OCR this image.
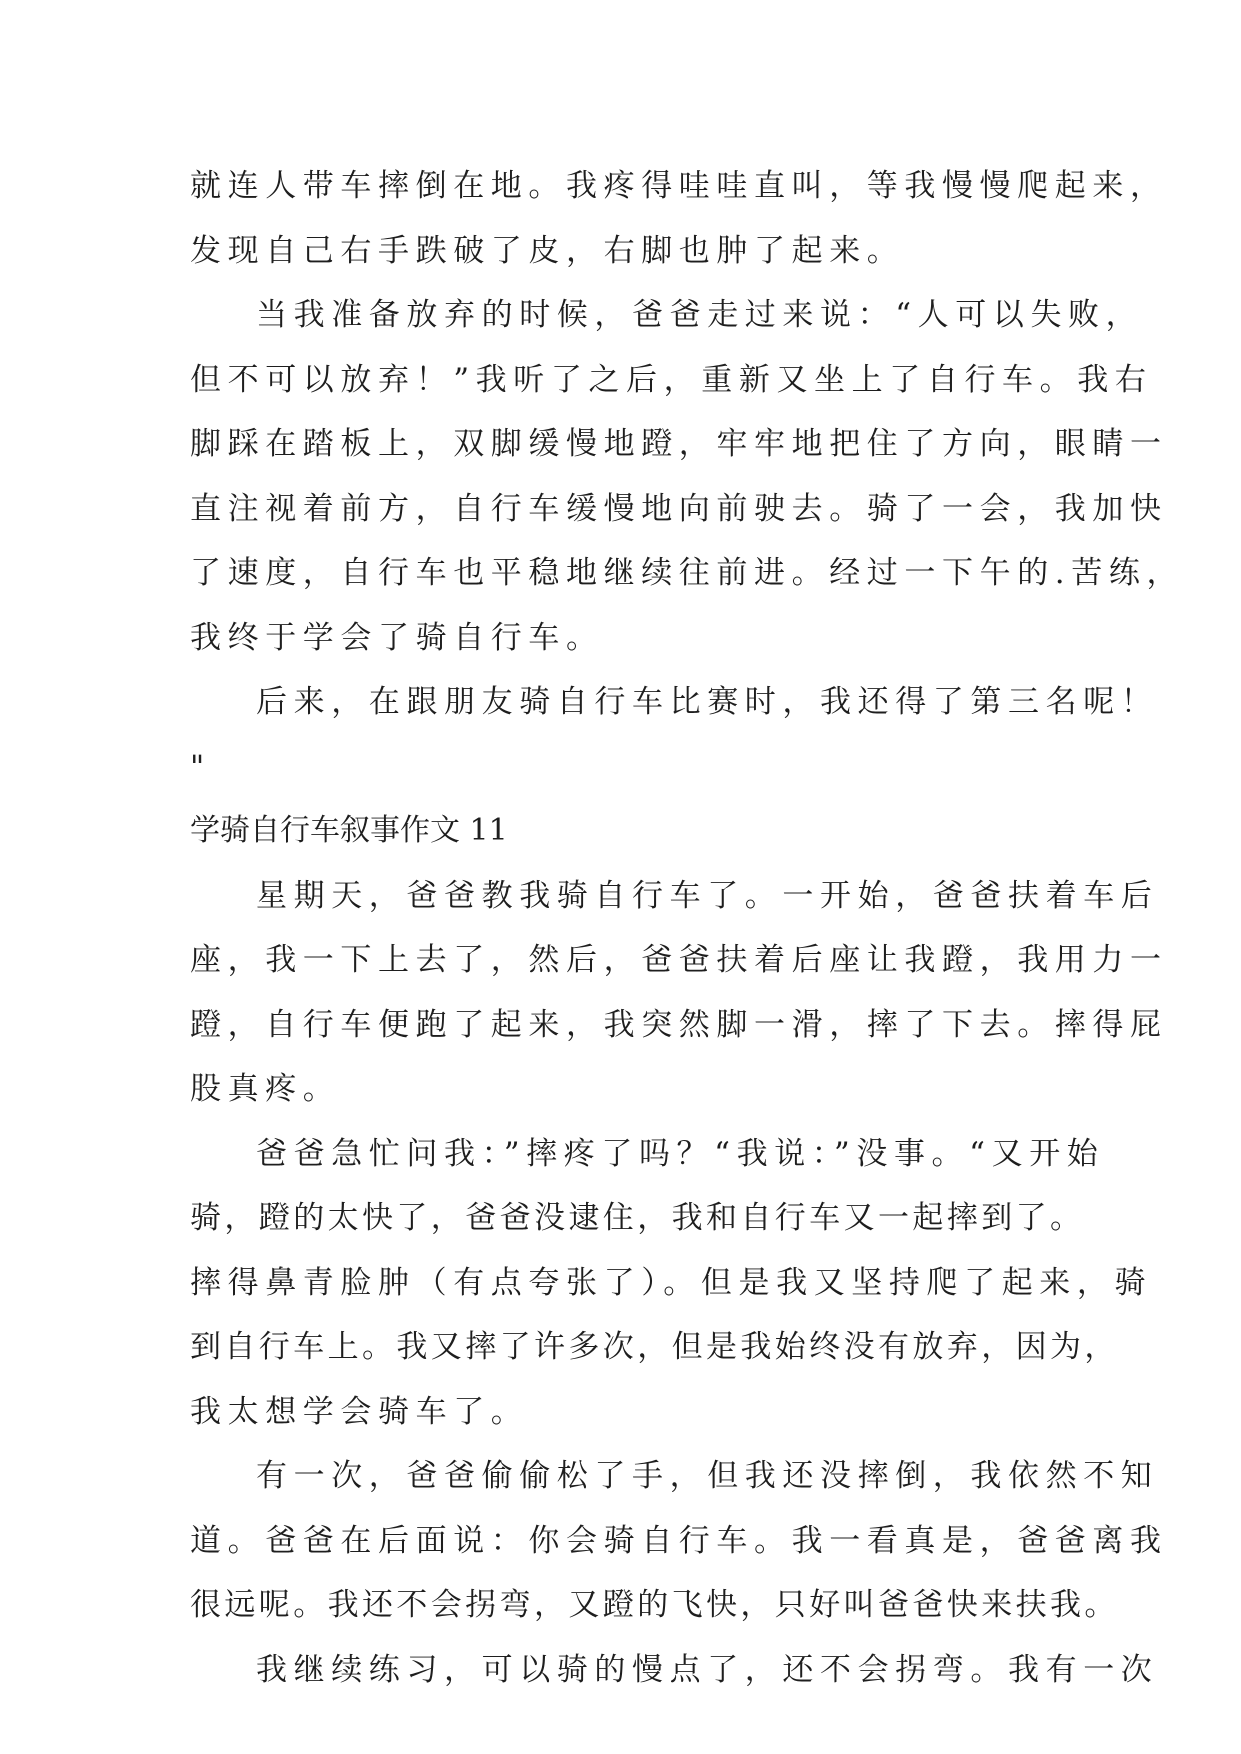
就连人带车摔倒在地。我疼得哇哇直叫，等我慢慢爬起来，
发现自己右手跌破了皮，右脚也肿了起来。
当我准备放弃的时候，爸爸走过来说：“人可以失败，
但不可以放弃！”我听了之后，重新又坐上了自行车。我右
脚踩在踏板上，双脚缓慢地蹬，牢牢地把住了方向，眼睛一
直注视着前方，自行车缓慢地向前驶去。骑了一会，我加快
了速度，自行车也平稳地继续往前进。经过一下午的.苦练，
我终于学会了骑自行车。
后来，在跟朋友骑自行车比赛时，我还得了第三名呢！
"
学骑自行车叙事作文 11
星期天，爸爸教我骑自行车了。一开始，爸爸扶着车后
座，我一下上去了，然后，爸爸扶着后座让我蹬，我用力一
蹬，自行车便跑了起来，我突然脚一滑，摔了下去。摔得屁
股真疼。
爸爸急忙问我：”摔疼了吗？“我说：”没事。“又开始
骑，蹬的太快了，爸爸没逮住，我和自行车又一起摔到了。
摔得鼻青脸肿（有点夸张了）。但是我又坚持爬了起来，骑
到自行车上。我又摔了许多次，但是我始终没有放弃，因为，
我太想学会骑车了。
有一次，爸爸偷偷松了手，但我还没摔倒，我依然不知
道。爸爸在后面说：你会骑自行车。我一看真是，爸爸离我
很远呢。我还不会拐弯，又蹬的飞快，只好叫爸爸快来扶我。
我继续练习，可以骑的慢点了，还不会拐弯。我有一次
